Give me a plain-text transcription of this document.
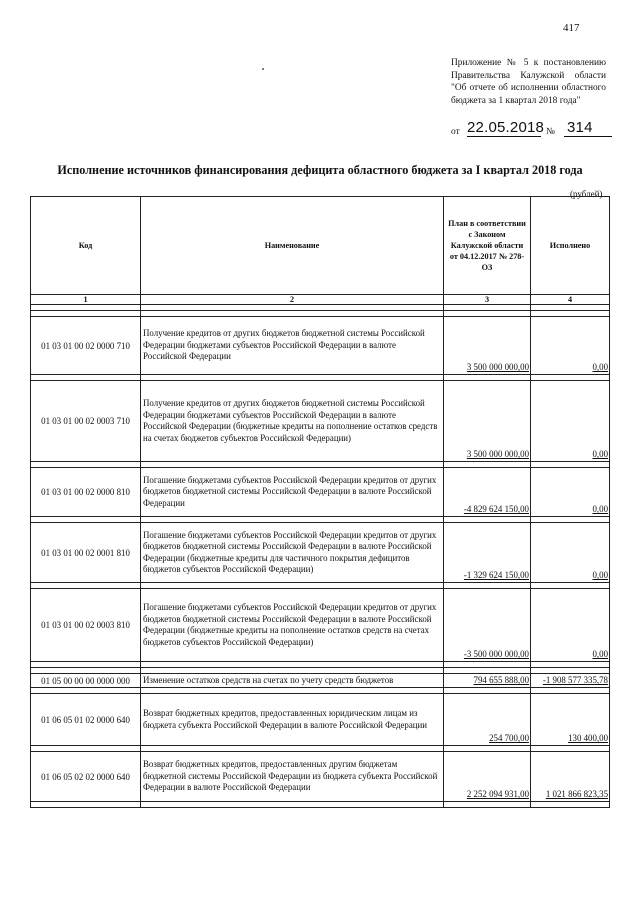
417
Приложение № 5 к постановлению Правительства Калужской области "Об отчете об исполнении областного бюджета за 1 квартал 2018 года"
от 22.05.2018 № 314
Исполнение источников финансирования дефицита областного бюджета за I квартал 2018 года
(рублей)
Код	Наименование	План в соответствии с Законом Калужской области от 04.12.2017 № 278-ОЗ	Исполнено
1	2	3	4

01 03 01 00 02 0000 710	Получение кредитов от других бюджетов бюджетной системы Российской Федерации бюджетами субъектов Российской Федерации в валюте Российской Федерации	3 500 000 000,00	0,00

01 03 01 00 02 0003 710	Получение кредитов от других бюджетов бюджетной системы Российской Федерации бюджетами субъектов Российской Федерации в валюте Российской Федерации (бюджетные кредиты на пополнение остатков средств на счетах бюджетов субъектов Российской Федерации)	3 500 000 000,00	0,00

01 03 01 00 02 0000 810	Погашение бюджетами субъектов Российской Федерации кредитов от других бюджетов бюджетной системы Российской Федерации в валюте Российской Федерации	-4 829 624 150,00	0,00

01 03 01 00 02 0001 810	Погашение бюджетами субъектов Российской Федерации кредитов от других бюджетов бюджетной системы Российской Федерации в валюте Российской Федерации (бюджетные кредиты для частичного покрытия дефицитов бюджетов субъектов Российской Федерации)	-1 329 624 150,00	0,00

01 03 01 00 02 0003 810	Погашение бюджетами субъектов Российской Федерации кредитов от других бюджетов бюджетной системы Российской Федерации в валюте Российской Федерации (бюджетные кредиты на пополнение остатков средств на счетах бюджетов субъектов Российской Федерации)	-3 500 000 000,00	0,00

01 05 00 00 00 0000 000	Изменение остатков средств на счетах по учету средств бюджетов	794 655 888,00	-1 908 577 335,78

01 06 05 01 02 0000 640	Возврат бюджетных кредитов, предоставленных юридическим лицам из бюджета субъекта Российской Федерации в валюте Российской Федерации	254 700,00	130 400,00

01 06 05 02 02 0000 640	Возврат бюджетных кредитов, предоставленных другим бюджетам бюджетной системы Российской Федерации из бюджета субъекта Российской Федерации в валюте Российской Федерации	2 252 094 931,00	1 021 866 823,35
